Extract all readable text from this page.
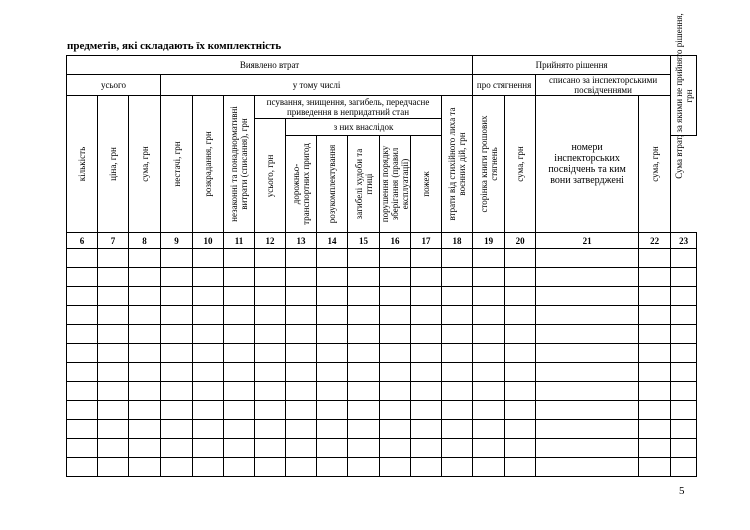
предметів, які складають їх комплектність
Виявлено втрат													Прийнято рішення				Сума втрат, за якими не прийнято рішення, грн

усього			у тому числі										про стягнення		списано за інспекторськими посвідченнями		

кількість	ціна, грн	сума, грн	нестачі, грн	розкрадання, грн	незаконні та понаднормативні витрати (списання), грн	псування, знищення, загибель, передчасне приведення в непридатний стан						втрати від стихійного лиха та воєнних дій, грн	сторінка книги грошових стягнень	сума, грн	номери інспекторських посвідчень та ким вони затверджені	сума, грн	

						усього, грн	з них внаслідок										

							дорожньо-транспортних пригод	розукомплектування	загибелі худоби та птиці	порушення порядку зберігання (правил експлуатації)	пожеж						

6	7	8	9	10	11	12	13	14	15	16	17	18	19	20	21	22	23

5
